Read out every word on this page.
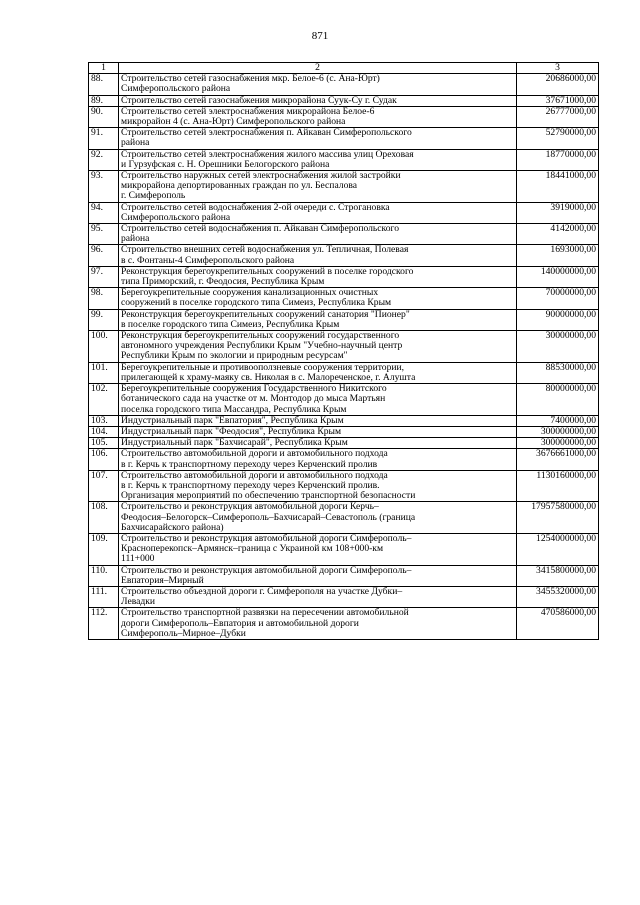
871
1	2	3
88.	Строительство сетей газоснабжения мкр. Белое-6 (с. Ана-Юрт)
Симферопольского района	20686000,00
89.	Строительство сетей газоснабжения микрорайона Суук-Су г. Судак	37671000,00
90.	Строительство сетей электроснабжения микрорайона Белое-6
микрорайон 4 (с. Ана-Юрт) Симферопольского района	26777000,00
91.	Строительство сетей электроснабжения п. Айкаван Симферопольского
района	52790000,00
92.	Строительство сетей электроснабжения жилого массива улиц Ореховая
и Гурзуфская с. Н. Орешники Белогорского района	18770000,00
93.	Строительство наружных сетей электроснабжения жилой застройки
микрорайона депортированных граждан по ул. Беспалова
г. Симферополь	18441000,00
94.	Строительство сетей водоснабжения 2-ой очереди с. Строгановка
Симферопольского района	3919000,00
95.	Строительство сетей водоснабжения п. Айкаван Симферопольского
района	4142000,00
96.	Строительство внешних сетей водоснабжения ул. Тепличная, Полевая
в с. Фонтаны-4 Симферопольского района	1693000,00
97.	Реконструкция берегоукрепительных сооружений в поселке городского
типа Приморский, г. Феодосия, Республика Крым	140000000,00
98.	Берегоукрепительные сооружения канализационных очистных
сооружений в поселке городского типа Симеиз, Республика Крым	70000000,00
99.	Реконструкция берегоукрепительных сооружений санатория "Пионер"
в поселке городского типа Симеиз, Республика Крым	90000000,00
100.	Реконструкция берегоукрепительных сооружений государственного
автономного учреждения Республики Крым "Учебно-научный центр
Республики Крым по экологии и природным ресурсам"	30000000,00
101.	Берегоукрепительные и противооползневые сооружения территории,
прилегающей к храму-маяку св. Николая в с. Малореченское, г. Алушта	88530000,00
102.	Берегоукрепительные сооружения Государственного Никитского
ботанического сада на участке от м. Монтодор до мыса Мартьян
поселка городского типа Массандра, Республика Крым	80000000,00
103.	Индустриальный парк "Евпатория", Республика Крым	7400000,00
104.	Индустриальный парк "Феодосия", Республика Крым	300000000,00
105.	Индустриальный парк "Бахчисарай", Республика Крым	300000000,00
106.	Строительство автомобильной дороги и автомобильного подхода
в г. Керчь к транспортному переходу через Керченский пролив	3676661000,00
107.	Строительство автомобильной дороги и автомобильного подхода
в г. Керчь к транспортному переходу через Керченский пролив.
Организация мероприятий по обеспечению транспортной безопасности	1130160000,00
108.	Строительство и реконструкция автомобильной дороги Керчь–
Феодосия–Белогорск–Симферополь–Бахчисарай–Севастополь (граница
Бахчисарайского района)	17957580000,00
109.	Строительство и реконструкция автомобильной дороги Симферополь–
Красноперекопск–Армянск–граница с Украиной км 108+000-км
111+000	1254000000,00
110.	Строительство и реконструкция автомобильной дороги Симферополь–
Евпатория–Мирный	3415800000,00
111.	Строительство объездной дороги г. Симферополя на участке Дубки–
Левадки	3455320000,00
112.	Строительство транспортной развязки на пересечении автомобильной
дороги Симферополь–Евпатория и автомобильной дороги
Симферополь–Мирное–Дубки	470586000,00
